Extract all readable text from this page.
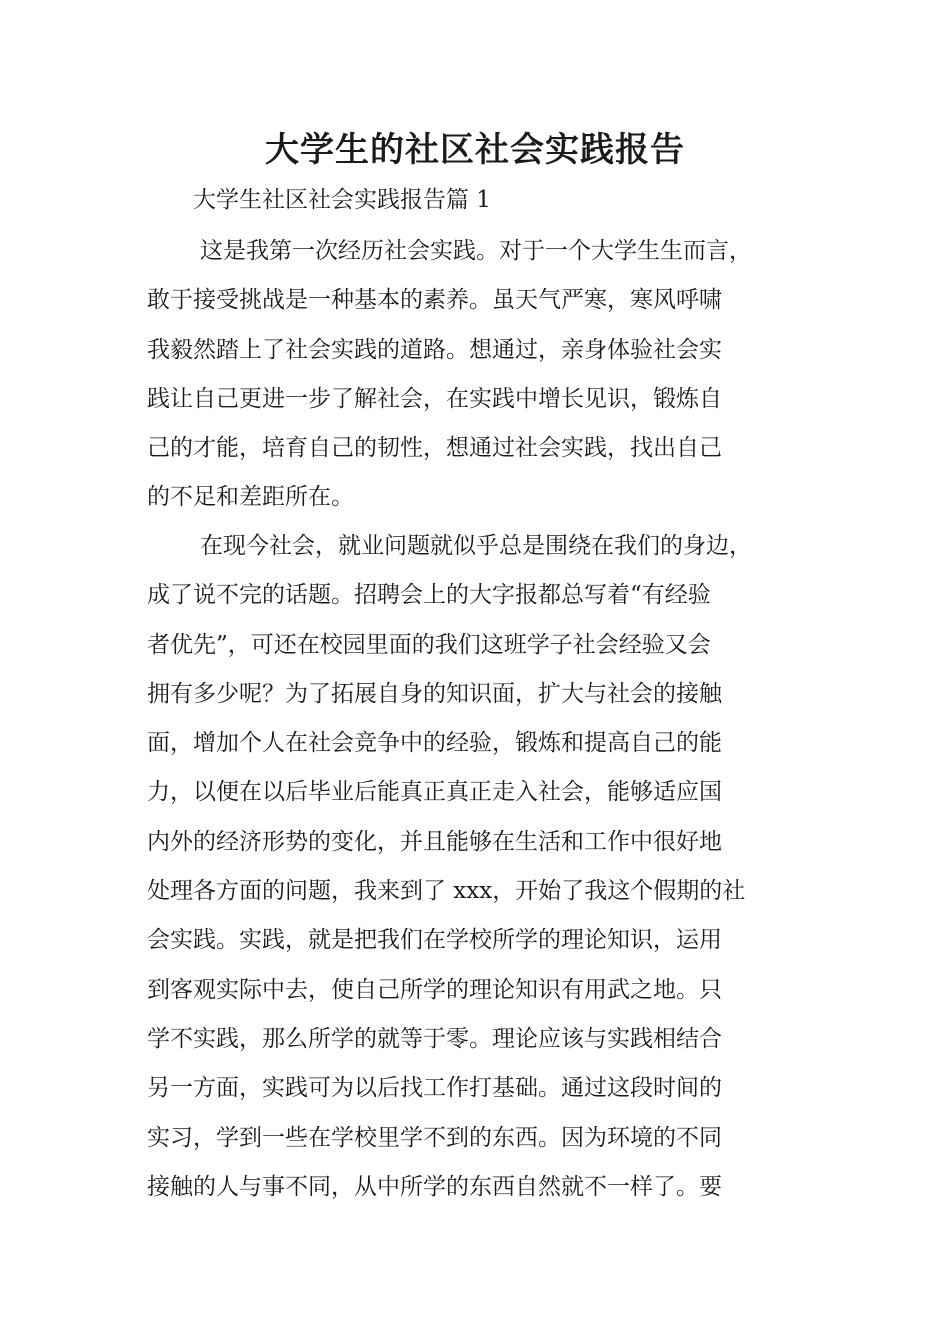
大学生的社区社会实践报告
大学生社区社会实践报告篇 1
这是我第一次经历社会实践。对于一个大学生生而言，
敢于接受挑战是一种基本的素养。虽天气严寒，寒风呼啸
我毅然踏上了社会实践的道路。想通过，亲身体验社会实
践让自己更进一步了解社会，在实践中增长见识，锻炼自
己的才能，培育自己的韧性，想通过社会实践，找出自己
的不足和差距所在。
在现今社会，就业问题就似乎总是围绕在我们的身边，
成了说不完的话题。招聘会上的大字报都总写着“有经验
者优先”，可还在校园里面的我们这班学子社会经验又会
拥有多少呢？为了拓展自身的知识面，扩大与社会的接触
面，增加个人在社会竞争中的经验，锻炼和提高自己的能
力，以便在以后毕业后能真正真正走入社会，能够适应国
内外的经济形势的变化，并且能够在生活和工作中很好地
处理各方面的问题，我来到了 xxx，开始了我这个假期的社
会实践。实践，就是把我们在学校所学的理论知识，运用
到客观实际中去，使自己所学的理论知识有用武之地。只
学不实践，那么所学的就等于零。理论应该与实践相结合
另一方面，实践可为以后找工作打基础。通过这段时间的
实习，学到一些在学校里学不到的东西。因为环境的不同
接触的人与事不同，从中所学的东西自然就不一样了。要
